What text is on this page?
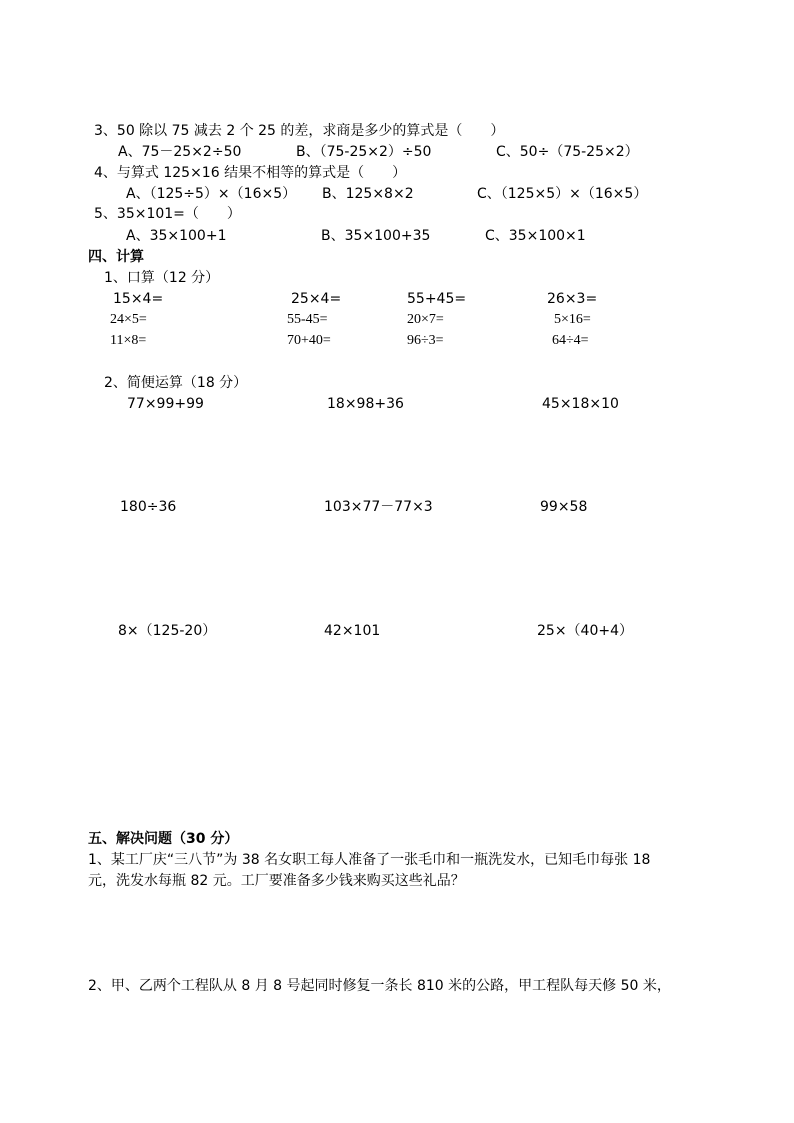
3、50 除以 75 减去 2 个 25 的差，求商是多少的算式是（　　）
A、75－25×2÷50	B、（75-25×2）÷50	C、50÷（75-25×2）
4、与算式 125×16 结果不相等的算式是（　　）
A、（125÷5）×（16×5） B、125×8×2	C、（125×5）×（16×5）
5、35×101=（　　）
A、35×100+1	B、35×100+35	C、35×100×1
四、计算
1、口算（12 分）
15×4=	25×4=	55+45=	26×3=
24×5=	55-45=	20×7=	5×16=
11×8=	70+40=	96÷3=	64÷4=
2、简便运算（18 分）
77×99+99	18×98+36	45×18×10
180÷36	103×77－77×3	99×58
8×（125-20）	42×101	25×（40+4）
五、解决问题（30 分）
1、某工厂庆“三八节”为 38 名女职工每人准备了一张毛巾和一瓶洗发水，已知毛巾每张 18
元，洗发水每瓶 82 元。工厂要准备多少钱来购买这些礼品？
2、甲、乙两个工程队从 8 月 8 号起同时修复一条长 810 米的公路，甲工程队每天修 50 米，
